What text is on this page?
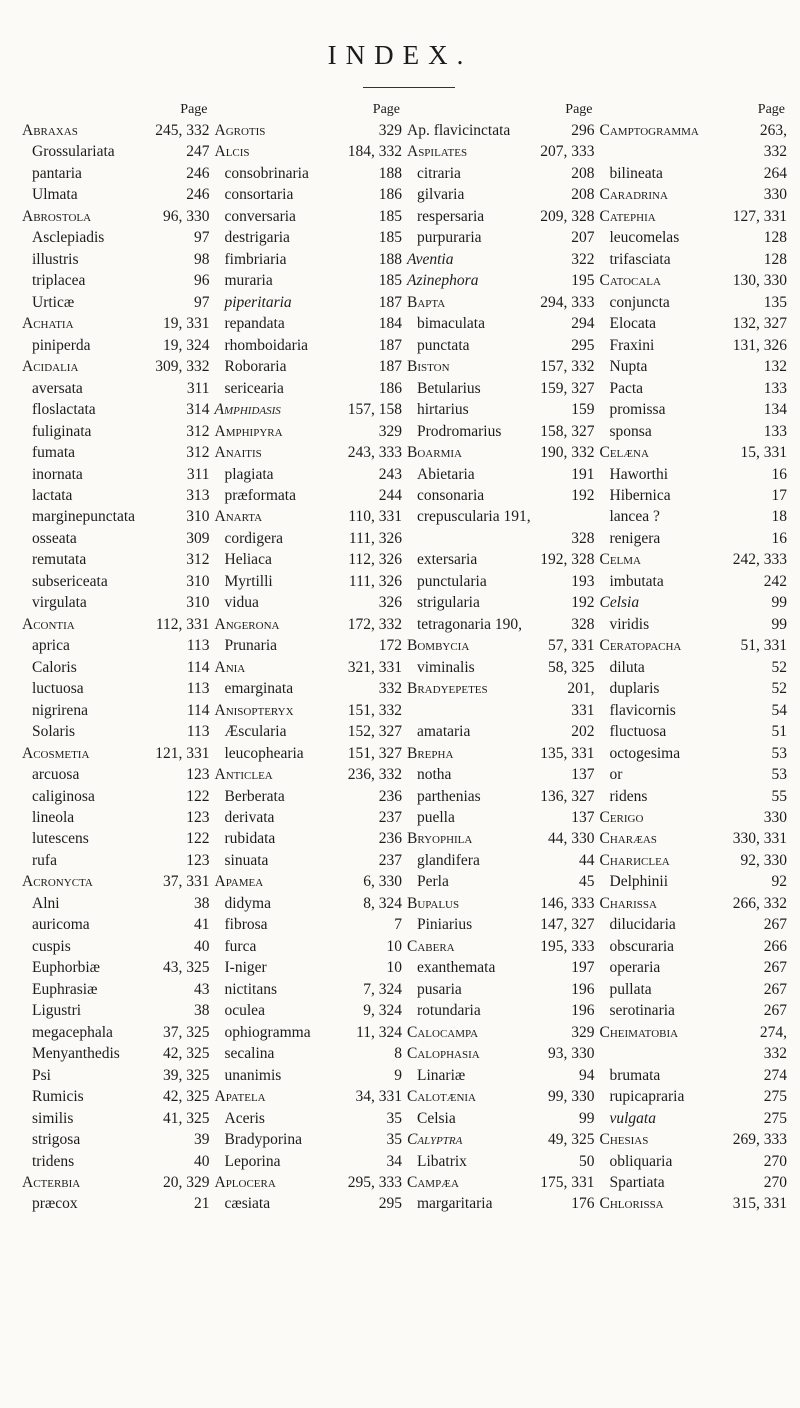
INDEX.
Page
Abraxas	245, 332
Grossulariata	247
pantaria	246
Ulmata	246
Abrostola	96, 330
Asclepiadis	97
illustris	98
triplacea	96
Urticæ	97
Achatia	19, 331
piniperda	19, 324
Acidalia	309, 332
aversata	311
floslactata	314
fuliginata	312
fumata	312
inornata	311
lactata	313
marginepunctata	310
osseata	309
remutata	312
subsericeata	310
virgulata	310
Acontia	112, 331
aprica	113
Caloris	114
luctuosa	113
nigrirena	114
Solaris	113
Acosmetia	121, 331
arcuosa	123
caliginosa	122
lineola	123
lutescens	122
rufa	123
Acronycta	37, 331
Alni	38
auricoma	41
cuspis	40
Euphorbiæ	43, 325
Euphrasiæ	43
Ligustri	38
megacephala	37, 325
Menyanthedis	42, 325
Psi	39, 325
Rumicis	42, 325
similis	41, 325
strigosa	39
tridens	40
Acterbia	20, 329
præcox	21
Page
Agrotis	329
Alcis	184, 332
consobrinaria	188
consortaria	186
conversaria	185
destrigaria	185
fimbriaria	188
muraria	185
piperitaria	187
repandata	184
rhomboidaria	187
Roboraria	187
sericearia	186
Amphidasis	157, 158
Amphipyra	329
Anaitis	243, 333
plagiata	243
præformata	244
Anarta	110, 331
cordigera	111, 326
Heliaca	112, 326
Myrtilli	111, 326
vidua	326
Angerona	172, 332
Prunaria	172
Ania	321, 331
emarginata	332
Anisopteryx	151, 332
Æscularia	152, 327
leucophearia	151, 327
Anticlea	236, 332
Berberata	236
derivata	237
rubidata	236
sinuata	237
Apamea	6, 330
didyma	8, 324
fibrosa	7
furca	10
I-niger	10
nictitans	7, 324
oculea	9, 324
ophiogramma	11, 324
secalina	8
unanimis	9
Apatela	34, 331
Aceris	35
Bradyporina	35
Leporina	34
Aplocera	295, 333
cæsiata	295
Page
Ap. flavicinctata	296
Aspilates	207, 333
citraria	208
gilvaria	208
respersaria	209, 328
purpuraria	207
Aventia	322
Azinephora	195
Bapta	294, 333
bimaculata	294
punctata	295
Biston	157, 332
Betularius	159, 327
hirtarius	159
Prodromarius	158, 327
Boarmia	190, 332
Abietaria	191
consonaria	192
crepuscularia 191,
328
extersaria	192, 328
punctularia	193
strigularia	192
tetragonaria 190,	328
Bombycia	57, 331
viminalis	58, 325
Bradyepetes	201,
331
amataria	202
Brephа	135, 331
notha	137
parthenias	136, 327
puella	137
Bryophila	44, 330
glandifera	44
Perla	45
Bupalus	146, 333
Piniarius	147, 327
Cabera	195, 333
exanthemata	197
pusaria	196
rotundaria	196
Calocampa	329
Calophasia	93, 330
Linariæ	94
Calotænia	99, 330
Celsia	99
Calyptra	49, 325
Libatrix	50
Campæa	175, 331
margaritaria	176
Page
Camptogramma	263,
332
bilineata	264
Caradrina	330
Catephia	127, 331
leucomelas	128
trifasciata	128
Catocala	130, 330
conjuncta	135
Elocata	132, 327
Fraxini	131, 326
Nupta	132
Pacta	133
promissa	134
sponsa	133
Celæna	15, 331
Haworthi	16
Hibernica	17
lancea ?	18
renigera	16
Celma	242, 333
imbutata	242
Celsia	99
viridis	99
Ceratopacha	51, 331
diluta	52
duplaris	52
flavicornis	54
fluctuosa	51
octogesima	53
or	53
ridens	55
Cerigo	330
Charæas	330, 331
Charиclea	92, 330
Delphinii	92
Charissa	266, 332
dilucidaria	267
obscuraria	266
operaria	267
pullata	267
serotinaria	267
Cheimatobia	274,
332
brumata	274
rupicapraria	275
vulgata	275
Chesias	269, 333
obliquaria	270
Spartiata	270
Chlorissa	315, 331
